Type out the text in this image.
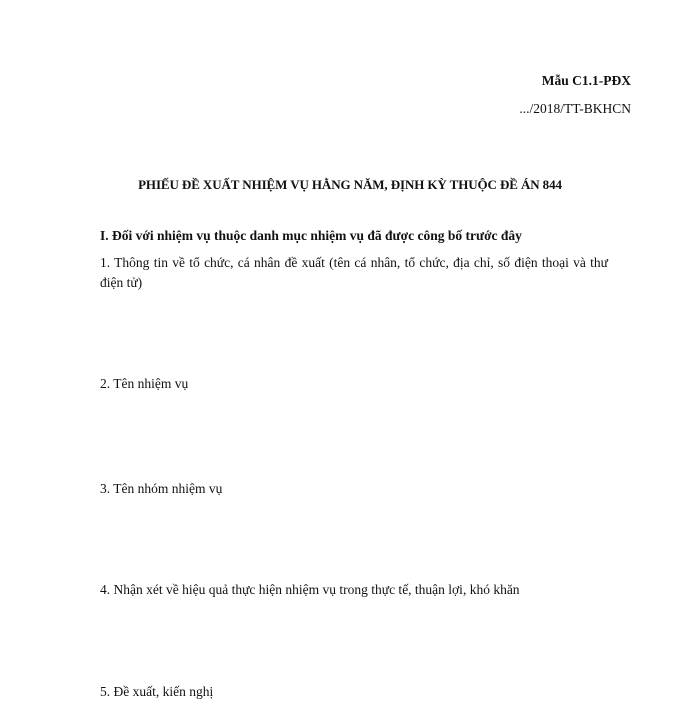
Mẫu C1.1-PĐX
.../2018/TT-BKHCN
PHIẾU ĐỀ XUẤT NHIỆM VỤ HẰNG NĂM, ĐỊNH KỲ THUỘC ĐỀ ÁN 844
I. Đối với nhiệm vụ thuộc danh mục nhiệm vụ đã được công bố trước đây
1. Thông tin về tổ chức, cá nhân đề xuất (tên cá nhân, tổ chức, địa chỉ, số điện thoại và thư điện tử)
2. Tên nhiệm vụ
3. Tên nhóm nhiệm vụ
4. Nhận xét về hiệu quả thực hiện nhiệm vụ trong thực tế, thuận lợi, khó khăn
5. Đề xuất, kiến nghị
